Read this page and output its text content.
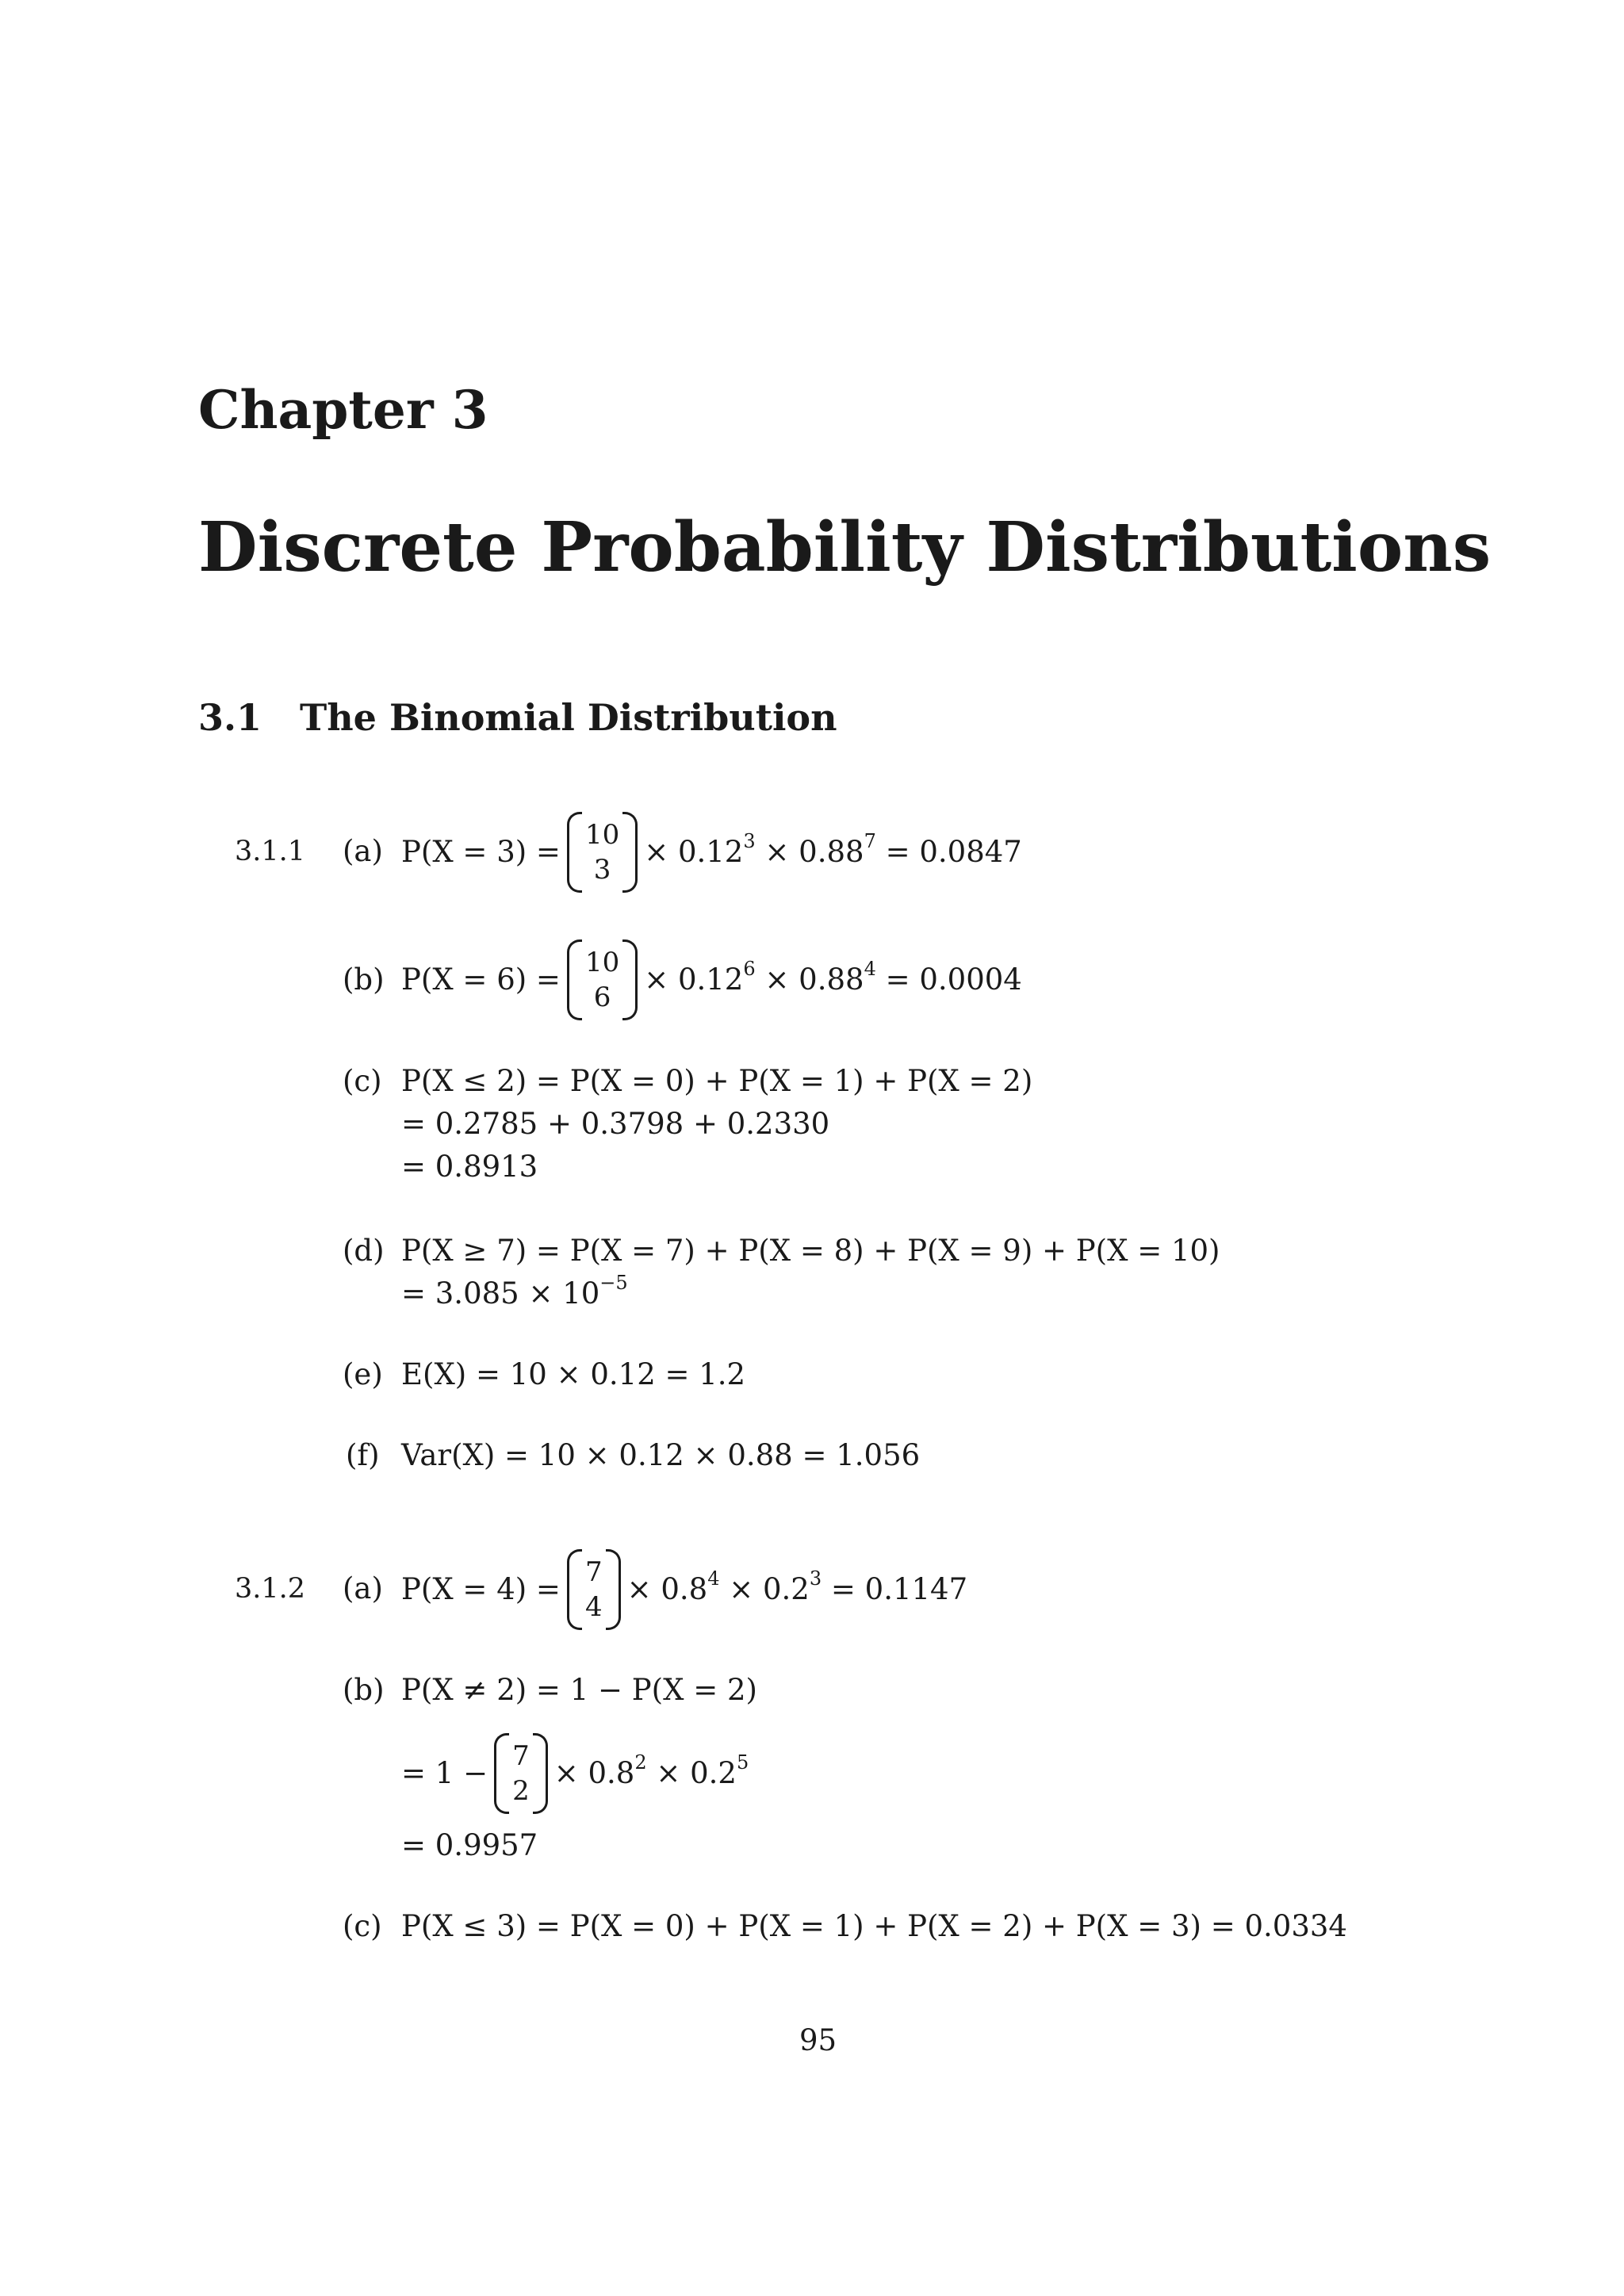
Chapter 3
Discrete Probability Distributions
3.1 The Binomial Distribution
3.1.1 (a) P(X = 3) = 10
3
× $0.12^3 \times 0.88^7 = 0.0847$
(b) P(X = 6) = 10
6
× $0.12^6 \times 0.88^4 = 0.0004$
(c) P(X ≤ 2) = P(X = 0) + P(X = 1) + P(X = 2)
= 0.2785 + 0.3798 + 0.2330
= 0.8913
(d) P(X ≥ 7) = P(X = 7) + P(X = 8) + P(X = 9) + P(X = 10)
= $3.085 \times 10^{-5}$
(e) E(X) = 10 × 0.12 = 1.2
(f) Var(X) = 10 × 0.12 × 0.88 = 1.056
3.1.2 (a) P(X = 4) = 7
4
× $0.8^4 \times 0.2^3 = 0.1147$
(b) P(X ≠ 2) = 1 − P(X = 2)
= 1 − 7
2
× $0.8^2 \times 0.2^5$
= 0.9957
(c) P(X ≤ 3) = P(X = 0) + P(X = 1) + P(X = 2) + P(X = 3) = 0.0334
95
